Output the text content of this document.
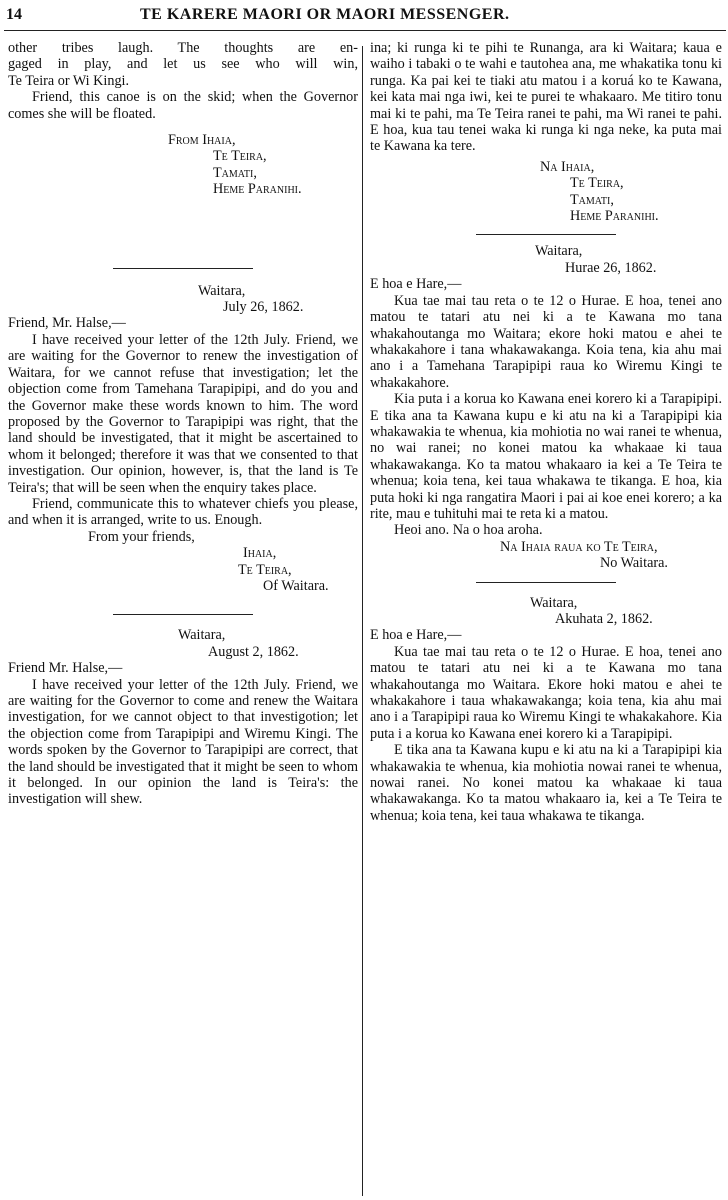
14	TE KARERE MAORI OR MAORI MESSENGER.

other tribes laugh. The thoughts are en-

gaged in play, and let us see who will win,

Te Teira or Wi Kingi.

Friend, this canoe is on the skid; when the Governor comes she will be floated.

From Ihaia,

Te Teira,

Tamati,

Heme Paranihi.

Waitara,

July 26, 1862.

Friend, Mr. Halse,—

I have received your letter of the 12th July. Friend, we are waiting for the Governor to renew the investigation of Waitara, for we cannot refuse that investigation; let the objection come from Tamehana Tarapipipi, and do you and the Governor make these words known to him. The word proposed by the Governor to Tarapipipi was right, that the land should be investigated, that it might be ascertained to whom it belonged; therefore it was that we consented to that investigation. Our opinion, however, is, that the land is Te Teira's; that will be seen when the enquiry takes place.

Friend, communicate this to whatever chiefs you please, and when it is arranged, write to us. Enough.

From your friends,

Ihaia,

Te Teira,

Of Waitara.

Waitara,

August 2, 1862.

Friend Mr. Halse,—

I have received your letter of the 12th July. Friend, we are waiting for the Governor to come and renew the Waitara investigation, for we cannot object to that investigotion; let the objection come from Tarapipipi and Wiremu Kingi. The words spoken by the Governor to Tarapipipi are correct, that the land should be investigated that it might be seen to whom it belonged. In our opinion the land is Teira's: the investigation will shew.

ina; ki runga ki te pihi te Runanga, ara ki Waitara; kaua e waiho i tabaki o te wahi e tautohea ana, me whakatika tonu ki runga. Ka pai kei te tiaki atu matou i a koruá ko te Kawana, kei kata mai nga iwi, kei te purei te whakaaro. Me titiro tonu mai ki te pahi, ma Te Teira ranei te pahi, ma Wi ranei te pahi. E hoa, kua tau tenei waka ki runga ki nga neke, ka puta mai te Kawana ka tere.

Na Ihaia,

Te Teira,

Tamati,

Heme Paranihi.

Waitara,

Hurae 26, 1862.

E hoa e Hare,—

Kua tae mai tau reta o te 12 o Hurae. E hoa, tenei ano matou te tatari atu nei ki a te Kawana mo tana whakahoutanga mo Waitara; ekore hoki matou e ahei te whakakahore i tana whakawakanga. Koia tena, kia ahu mai ano i a Tamehana Tarapipipi raua ko Wiremu Kingi te whakakahore.

Kia puta i a korua ko Kawana enei korero ki a Tarapipipi. E tika ana ta Kawana kupu e ki atu na ki a Tarapipipi kia whakawakia te whenua, kia mohiotia no wai ranei te whenua, no wai ranei; no konei matou ka whakaae ki taua whakawakanga. Ko ta matou whakaaro ia kei a Te Teira te whenua; koia tena, kei taua whakawa te tikanga. E hoa, kia puta hoki ki nga rangatira Maori i pai ai koe enei korero; a ka rite, mau e tuhituhi mai te reta ki a matou.

Heoi ano. Na o hoa aroha.

Na Ihaia raua ko Te Teira,

No Waitara.

Waitara,

Akuhata 2, 1862.

E hoa e Hare,—

Kua tae mai tau reta o te 12 o Hurae. E hoa, tenei ano matou te tatari atu nei ki a te Kawana mo tana whakahoutanga mo Waitara. Ekore hoki matou e ahei te whakakahore i taua whakawakanga; koia tena, kia ahu mai ano i a Tarapipipi raua ko Wiremu Kingi te whakakahore. Kia puta i a korua ko Kawana enei korero ki a Tarapipipi.

E tika ana ta Kawana kupu e ki atu na ki a Tarapipipi kia whakawakia te whenua, kia mohiotia nowai ranei te whenua, nowai ranei. No konei matou ka whakaae ki taua whakawakanga. Ko ta matou whakaaro ia, kei a Te Teira te whenua; koia tena, kei taua whakawa te tikanga.
